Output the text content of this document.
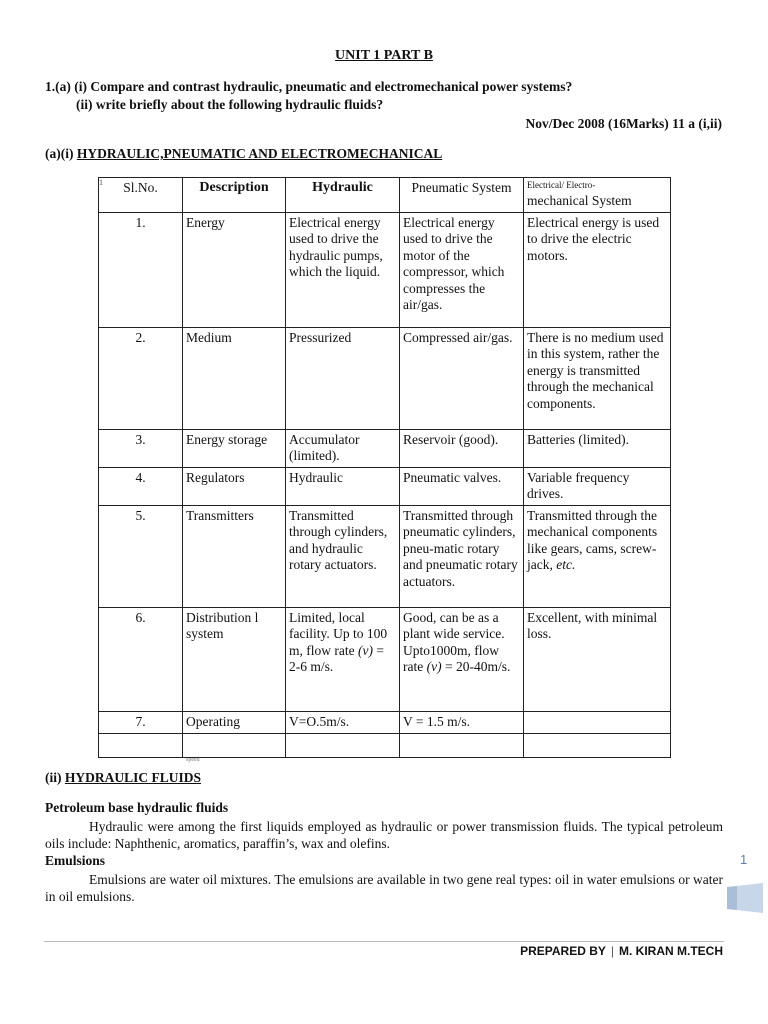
UNIT 1 PART B
1.(a) (i) Compare and contrast hydraulic, pneumatic and electromechanical power systems?
(ii) write briefly about the following hydraulic fluids?
Nov/Dec 2008 (16Marks) 11 a (i,ii)
(a)(i) HYDRAULIC,PNEUMATIC AND ELECTROMECHANICAL
1 Sl.No.	Description	Hydraulic	Pneumatic System	Electrical/ Electro-
mechanical System
1.	Energy	Electrical energy used to drive the hydraulic pumps, which the liquid.	Electrical energy used to drive the motor of the compressor, which compresses the air/gas.	Electrical energy is used to drive the electric motors.
2.	Medium	Pressurized	Compressed air/gas.	There is no medium used in this system, rather the energy is transmitted through the mechanical components.
3.	Energy storage	Accumulator (limited).	Reservoir (good).	Batteries (limited).
4.	Regulators	Hydraulic	Pneumatic valves.	Variable frequency drives.
5.	Transmitters	Transmitted through cylinders, and hydraulic rotary actuators.	Transmitted through pneumatic cylinders, pneu-matic rotary and pneumatic rotary actuators.	Transmitted through the mechanical components like gears, cams, screw-jack, etc.
6.	Distribution l system	Limited, local facility. Up to 100 m, flow rate (v) = 2-6 m/s.	Good, can be as a plant wide service. Upto1000m, flow rate (v) = 20-40m/s.	Excellent, with minimal loss.
7.	Operating	V=O.5m/s.	V = 1.5 m/s.	
	$_{speed}$			
(ii) HYDRAULIC FLUIDS
Petroleum base hydraulic fluids
Hydraulic were among the first liquids employed as hydraulic or power transmission fluids. The typical petroleum oils include: Naphthenic, aromatics, paraffin’s, wax and olefins.
Emulsions
Emulsions are water oil mixtures. The emulsions are available in two gene real types: oil in water emulsions or water in oil emulsions.
1
PREPARED BY | M. KIRAN M.TECH
